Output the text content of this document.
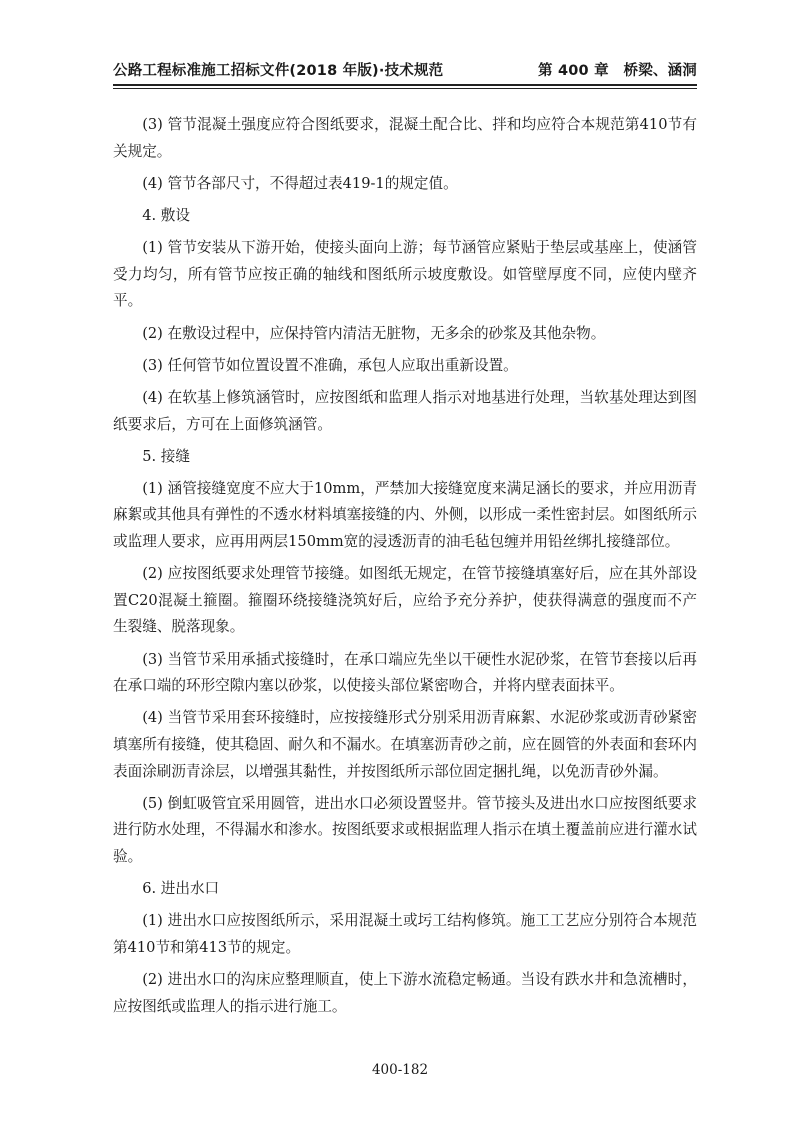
公路工程标准施工招标文件(2018 年版)·技术规范	第 400 章　桥梁、涵洞

(3) 管节混凝土强度应符合图纸要求，混凝土配合比、拌和均应符合本规范第410节有关规定。

(4) 管节各部尺寸，不得超过表419-1的规定值。

4. 敷设

(1) 管节安装从下游开始，使接头面向上游；每节涵管应紧贴于垫层或基座上，使涵管受力均匀，所有管节应按正确的轴线和图纸所示坡度敷设。如管壁厚度不同，应使内壁齐平。

(2) 在敷设过程中，应保持管内清洁无脏物，无多余的砂浆及其他杂物。

(3) 任何管节如位置设置不准确，承包人应取出重新设置。

(4) 在软基上修筑涵管时，应按图纸和监理人指示对地基进行处理，当软基处理达到图纸要求后，方可在上面修筑涵管。

5. 接缝

(1) 涵管接缝宽度不应大于10mm，严禁加大接缝宽度来满足涵长的要求，并应用沥青麻絮或其他具有弹性的不透水材料填塞接缝的内、外侧，以形成一柔性密封层。如图纸所示或监理人要求，应再用两层150mm宽的浸透沥青的油毛毡包缠并用铅丝绑扎接缝部位。

(2) 应按图纸要求处理管节接缝。如图纸无规定，在管节接缝填塞好后，应在其外部设置C20混凝土箍圈。箍圈环绕接缝浇筑好后，应给予充分养护，使获得满意的强度而不产生裂缝、脱落现象。

(3) 当管节采用承插式接缝时，在承口端应先坐以干硬性水泥砂浆，在管节套接以后再在承口端的环形空隙内塞以砂浆，以使接头部位紧密吻合，并将内壁表面抹平。

(4) 当管节采用套环接缝时，应按接缝形式分别采用沥青麻絮、水泥砂浆或沥青砂紧密填塞所有接缝，使其稳固、耐久和不漏水。在填塞沥青砂之前，应在圆管的外表面和套环内表面涂刷沥青涂层，以增强其黏性，并按图纸所示部位固定捆扎绳，以免沥青砂外漏。

(5) 倒虹吸管宜采用圆管，进出水口必须设置竖井。管节接头及进出水口应按图纸要求进行防水处理，不得漏水和渗水。按图纸要求或根据监理人指示在填土覆盖前应进行灌水试验。

6. 进出水口

(1) 进出水口应按图纸所示，采用混凝土或圬工结构修筑。施工工艺应分别符合本规范第410节和第413节的规定。

(2) 进出水口的沟床应整理顺直，使上下游水流稳定畅通。当设有跌水井和急流槽时，应按图纸或监理人的指示进行施工。

400-182
